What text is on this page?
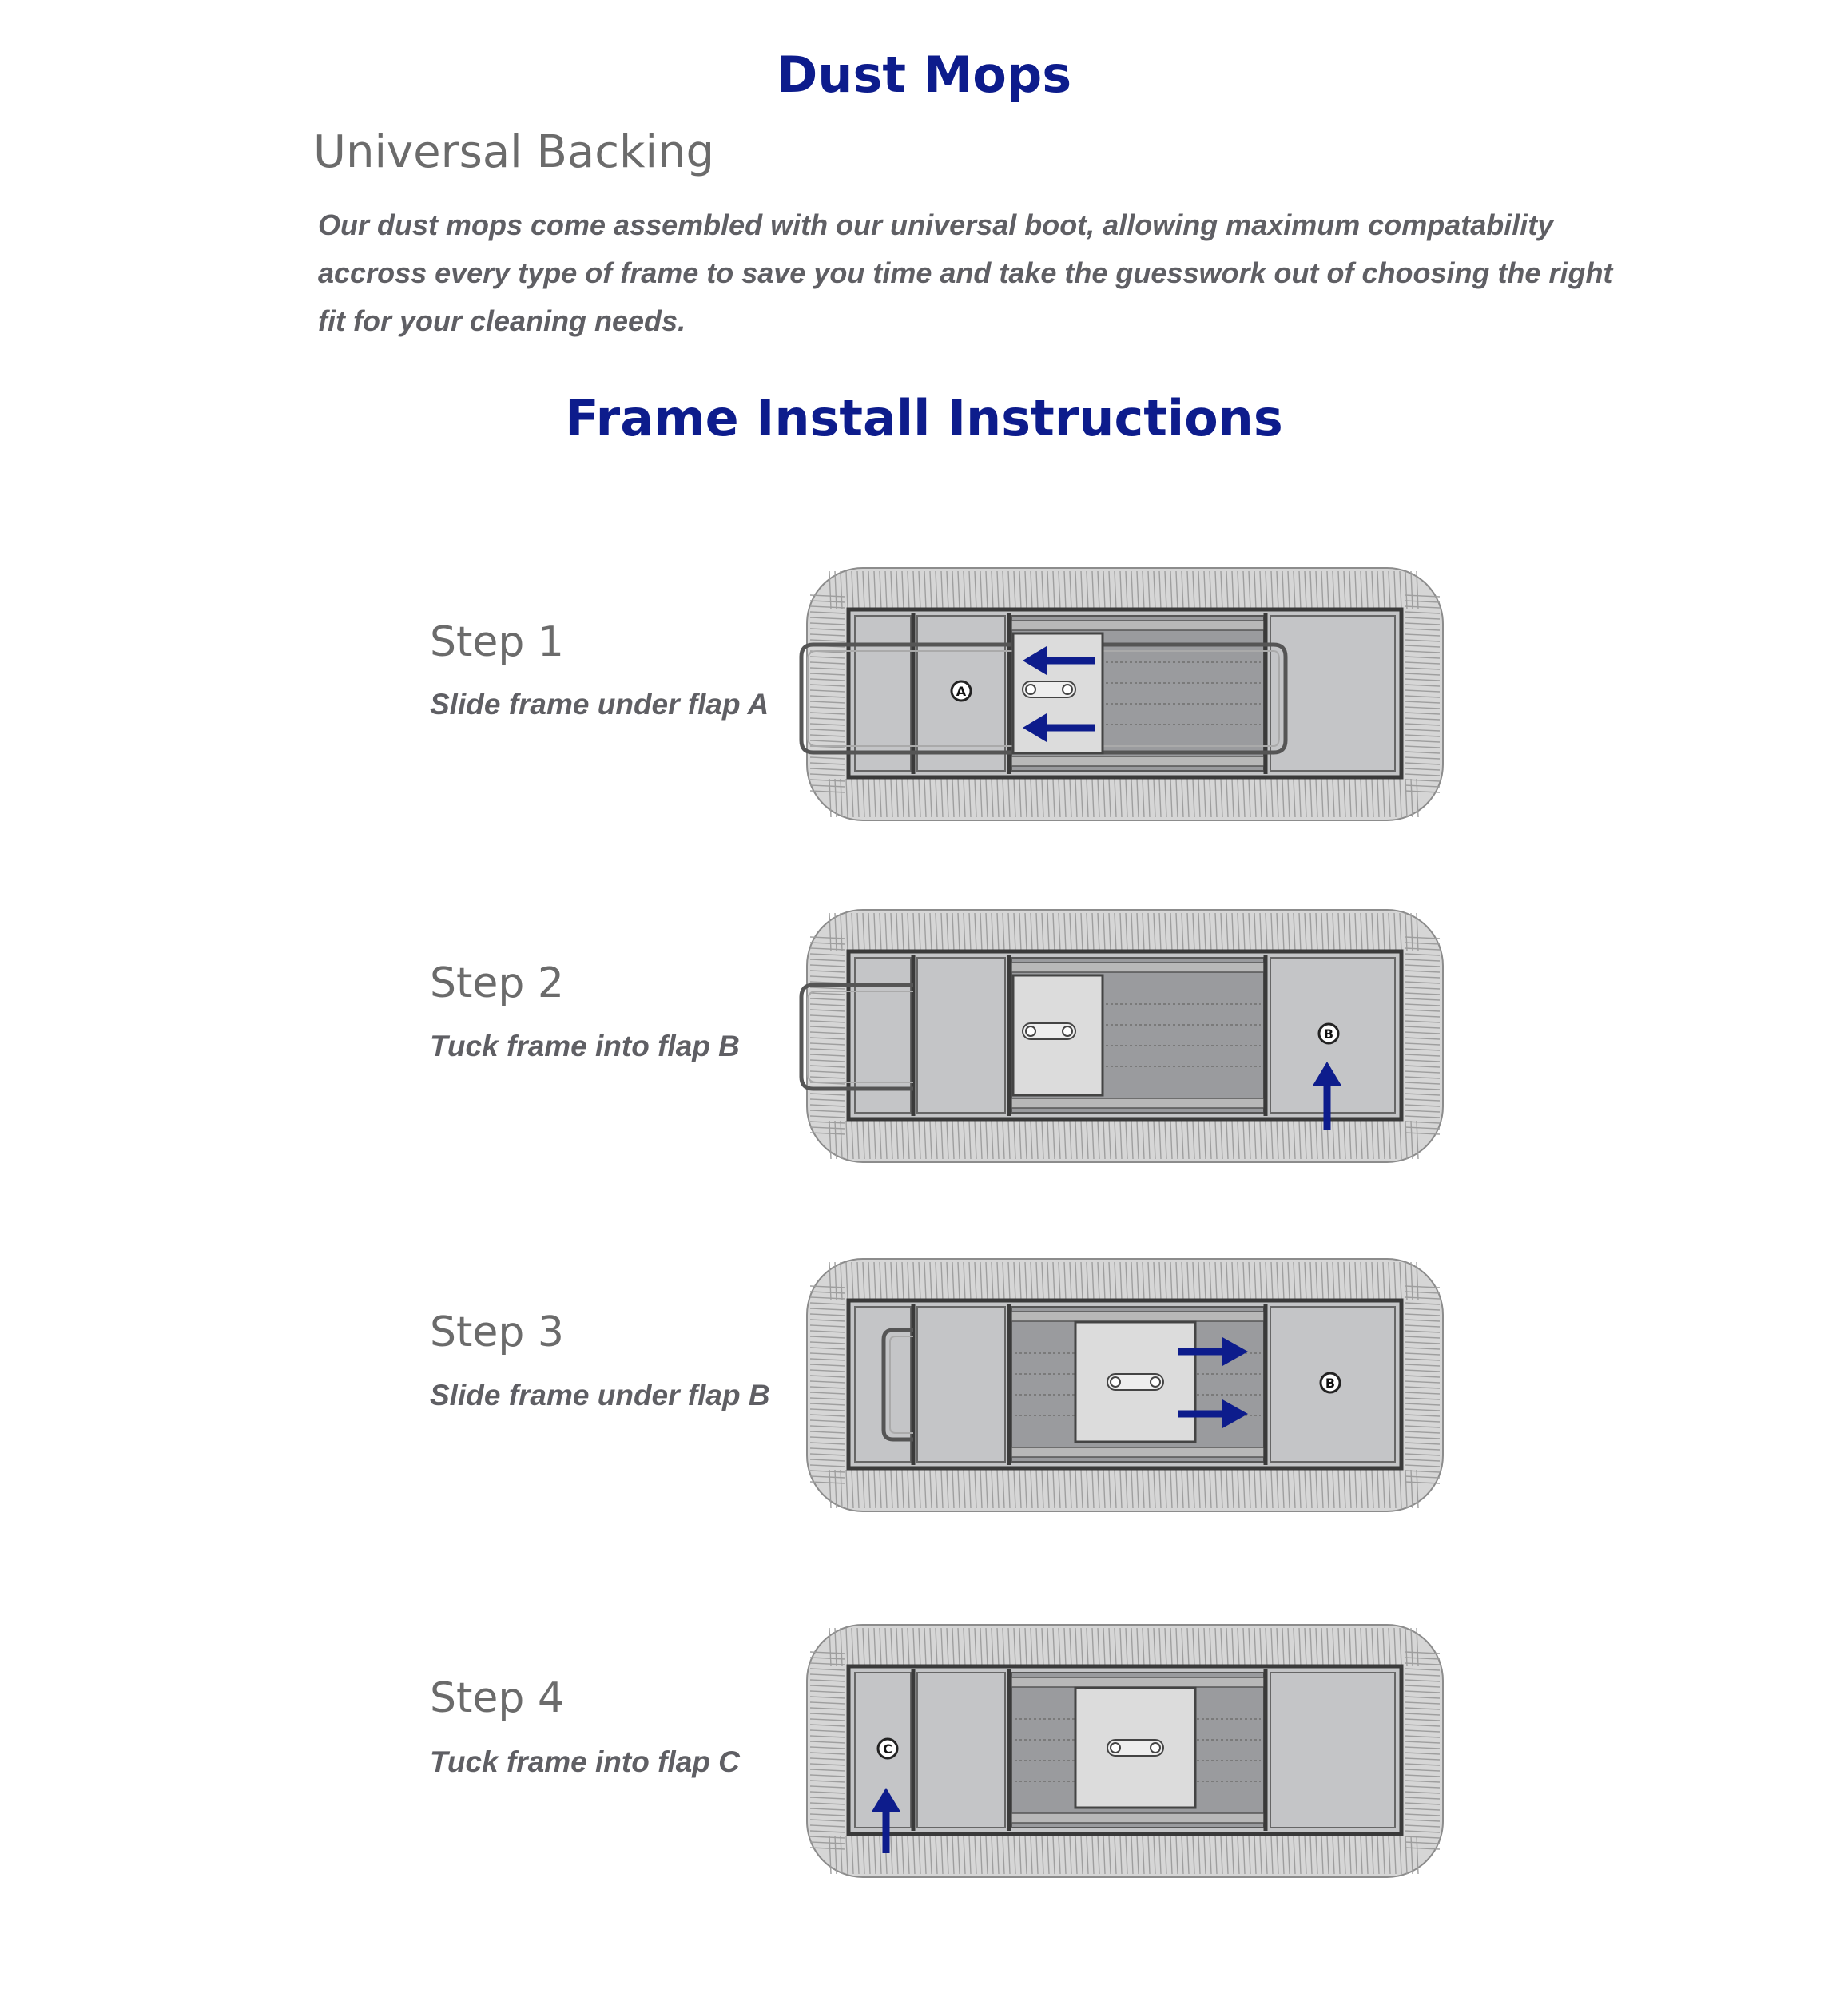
Dust Mops
Universal Backing

Our dust mops come assembled with our universal boot, allowing maximum compatability accross every type of frame to save you time and take the guesswork out of choosing the right fit for your cleaning needs.

Frame Install Instructions
Step 1

Slide frame under flap A	A
Step 2

Tuck frame into flap B	B
Step 3

Slide frame under flap B	B
Step 4

Tuck frame into flap C	C
